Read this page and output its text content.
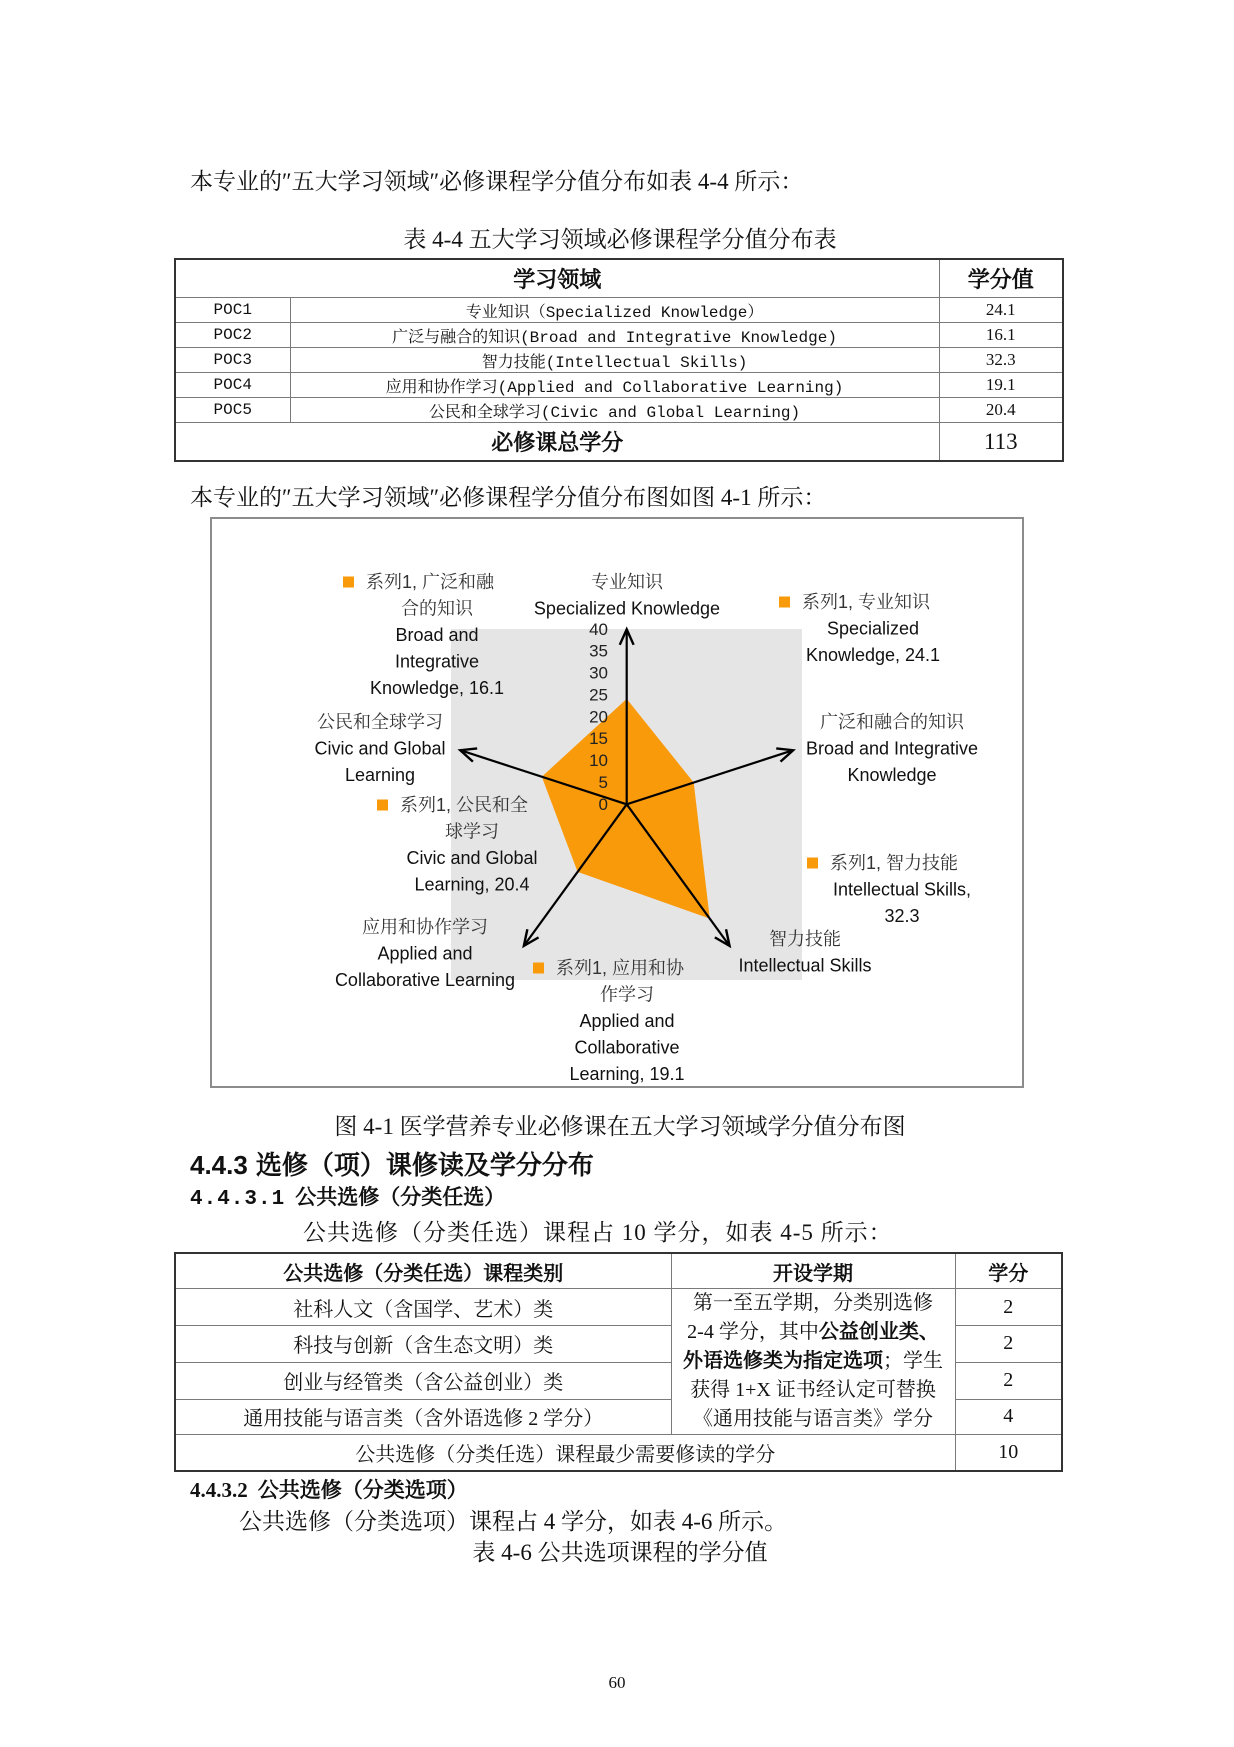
本专业的″五大学习领域″必修课程学分值分布如表 4-4 所示：
表 4-4 五大学习领域必修课程学分值分布表
学习领域		学分值
POC1	专业知识（Specialized Knowledge）	24.1
POC2	广泛与融合的知识(Broad and Integrative Knowledge)	16.1
POC3	智力技能(Intellectual Skills)	32.3
POC4	应用和协作学习(Applied and Collaborative Learning)	19.1
POC5	公民和全球学习(Civic and Global Learning)	20.4
必修课总学分		113
本专业的″五大学习领域″必修课程学分值分布图如图 4-1 所示：
0
5
10
15
20
25
30
35
40
专业知识
Specialized Knowledge
广泛和融合的知识
Broad and Integrative
Knowledge
智力技能
Intellectual Skills
应用和协作学习
Applied and
Collaborative Learning
公民和全球学习
Civic and Global
Learning
系列1, 专业知识
Specialized
Knowledge, 24.1
系列1, 广泛和融
合的知识
Broad and
Integrative
Knowledge, 16.1
系列1, 智力技能
Intellectual Skills,
32.3
系列1, 应用和协
作学习
Applied and
Collaborative
Learning, 19.1
系列1, 公民和全
球学习
Civic and Global
Learning, 20.4
图 4-1 医学营养专业必修课在五大学习领域学分值分布图
4.4.3 选修（项）课修读及学分分布
4.4.3.1 公共选修（分类任选）
公共选修（分类任选）课程占 10 学分，如表 4-5 所示：
公共选修（分类任选）课程类别	开设学期	学分
社科人文（含国学、艺术）类	第一至五学期，分类别选修
2-4 学分，其中公益创业类、
外语选修类为指定选项；学生
获得 1+X 证书经认定可替换
《通用技能与语言类》学分	2
科技与创新（含生态文明）类		2
创业与经管类（含公益创业）类		2
通用技能与语言类（含外语选修 2 学分）		4
公共选修（分类任选）课程最少需要修读的学分		10
4.4.3.2 公共选修（分类选项）
公共选修（分类选项）课程占 4 学分，如表 4-6 所示。
表 4-6 公共选项课程的学分值
60
